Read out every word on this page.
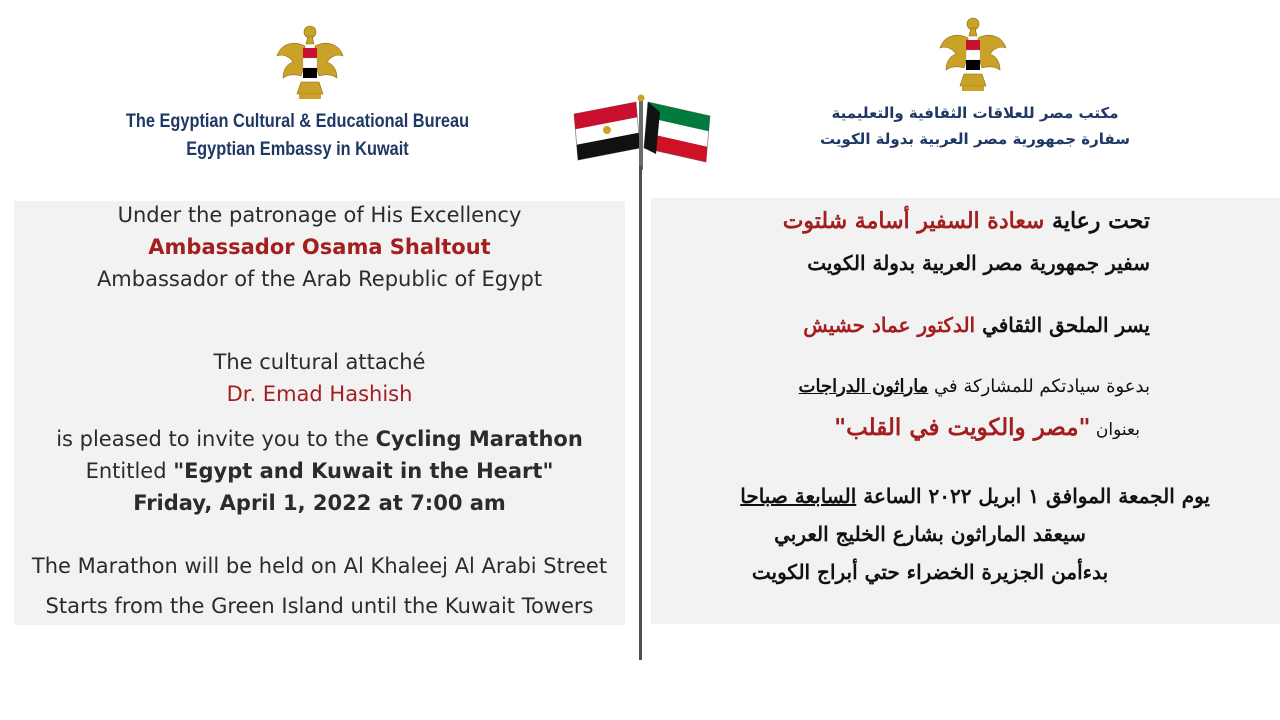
The Egyptian Cultural & Educational Bureau
Egyptian Embassy in Kuwait
مكتب مصر للعلاقات الثقافية والتعليمية
سفارة جمهورية مصر العربية بدولة الكويت
Under the patronage of His Excellency
Ambassador Osama Shaltout
Ambassador of the Arab Republic of Egypt
The cultural attaché
Dr. Emad Hashish
is pleased to invite you to the Cycling Marathon
Entitled "Egypt and Kuwait in the Heart"
Friday, April 1, 2022 at 7:00 am
The Marathon will be held on Al Khaleej Al Arabi Street
Starts from the Green Island until the Kuwait Towers
تحت رعاية سعادة السفير أسامة شلتوت
سفير جمهورية مصر العربية بدولة الكويت
يسر الملحق الثقافي الدكتور عماد حشيش
بدعوة سيادتكم للمشاركة في ماراثون الدراجات
بعنوان "مصر والكويت في القلب"
يوم الجمعة الموافق ١ ابريل ٢٠٢٢ الساعة السابعة صباحا
سيعقد الماراثون بشارع الخليج العربي
بدءأمن الجزيرة الخضراء حتي أبراج الكويت
